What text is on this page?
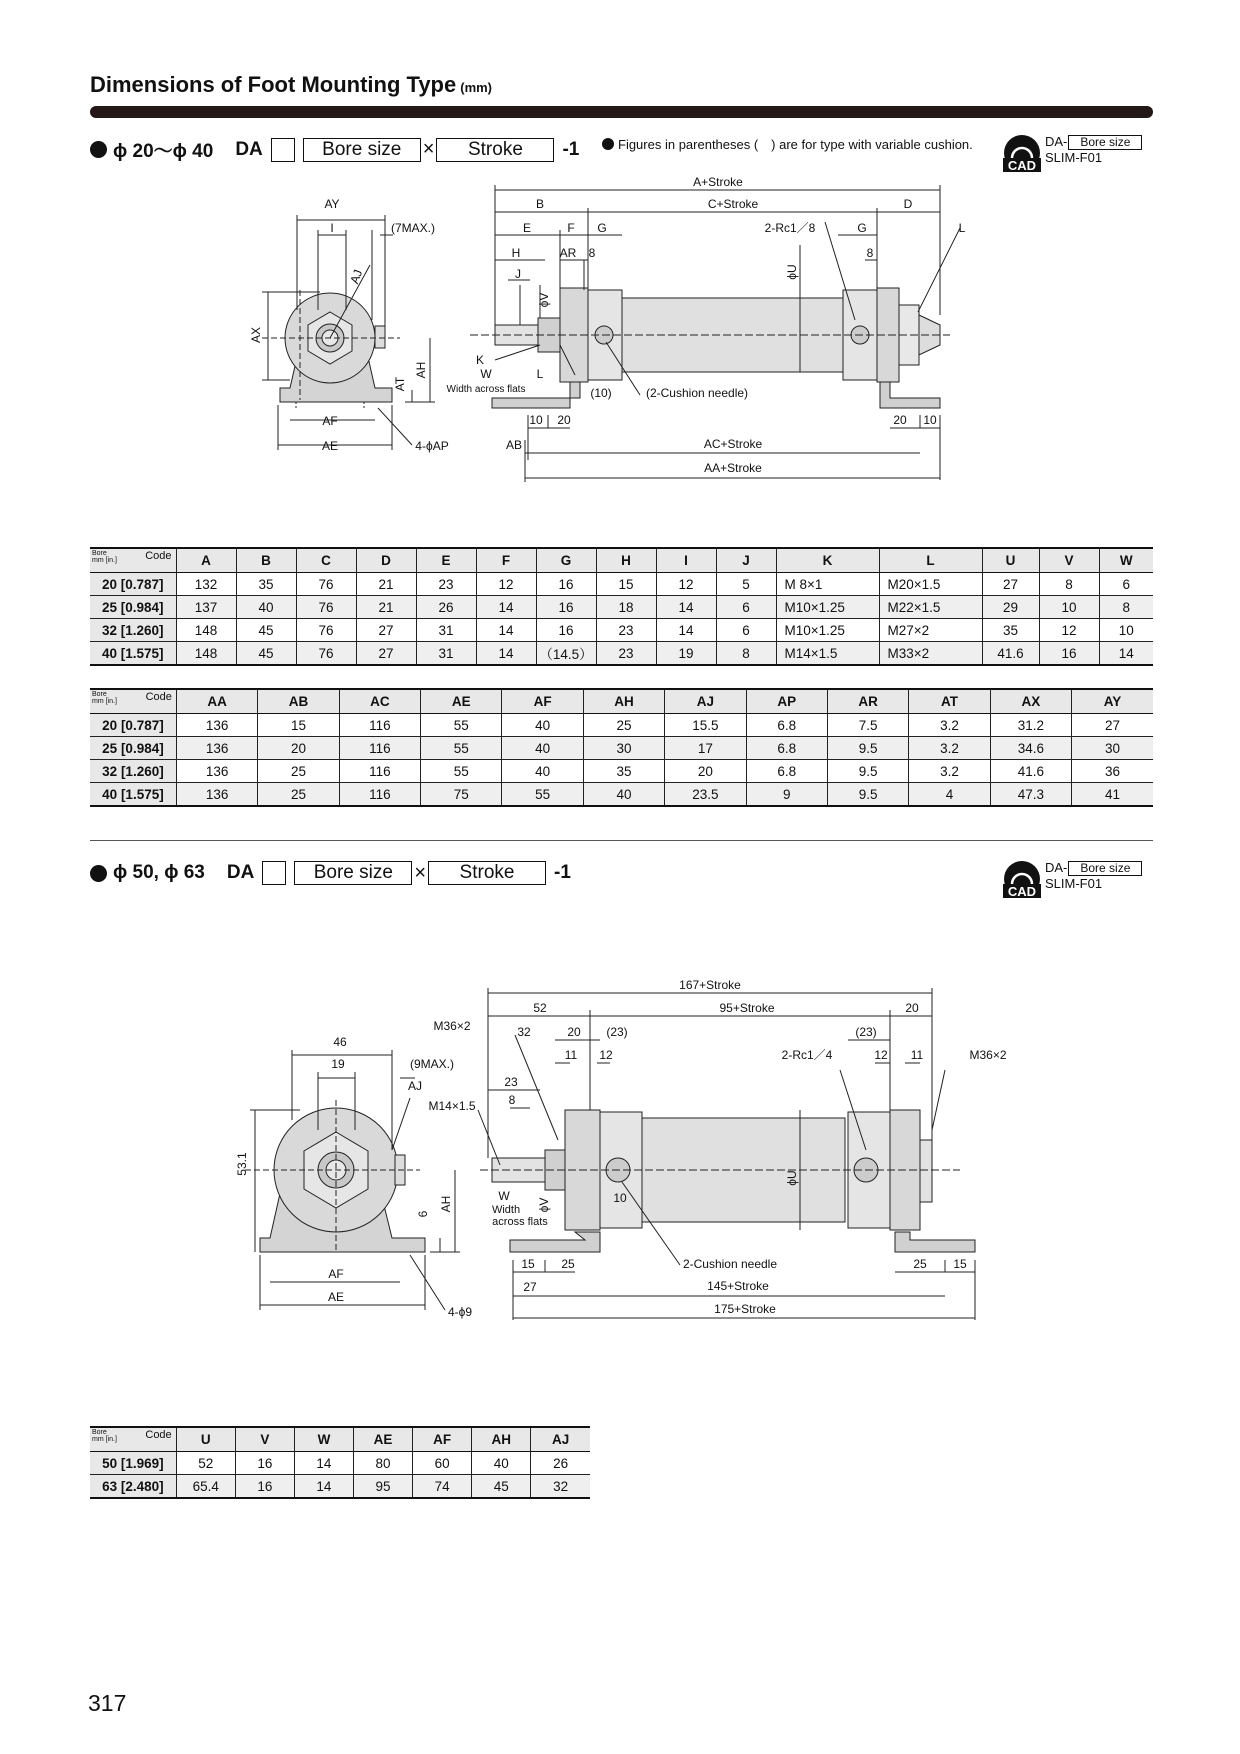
Dimensions of Foot Mounting Type (mm)
ϕ 20〜ϕ 40 DA	Bore size	×	Stroke	-1	Figures in parentheses (　) are for type with variable cushion.
CAD
DA- Bore size
SLIM-F01
AY
I	(7MAX.)
AJ
AX
AH
AT
AF
AE	4-ϕAP
A+Stroke
B	C+Stroke	D
E	F G	2-Rc1／8	G	L
H	AR 8	8
J
ϕV
ϕU
K
W
Width across flats
L
(10)	(2-Cushion needle)
10 20	20 10
AB	AC+Stroke
AA+Stroke
Bore
mm [in.] Code	A	B	C	D	E	F	G	H	I	J	K	L	U	V	W
20 [0.787]	132	35	76	21	23	12	16	15	12	5	M 8×1	M20×1.5	27	8	6
25 [0.984]	137	40	76	21	26	14	16	18	14	6	M10×1.25	M22×1.5	29	10	8
32 [1.260]	148	45	76	27	31	14	16	23	14	6	M10×1.25	M27×2	35	12	10
40 [1.575]	148	45	76	27	31	14	（14.5）	23	19	8	M14×1.5	M33×2	41.6	16	14
Bore
mm [in.] Code	AA	AB	AC	AE	AF	AH	AJ	AP	AR	AT	AX	AY
20 [0.787]	136	15	116	55	40	25	15.5	6.8	7.5	3.2	31.2	27
25 [0.984]	136	20	116	55	40	30	17	6.8	9.5	3.2	34.6	30
32 [1.260]	136	25	116	55	40	35	20	6.8	9.5	3.2	41.6	36
40 [1.575]	136	25	116	75	55	40	23.5	9	9.5	4	47.3	41
ϕ 50, ϕ 63 DA	Bore size	×	Stroke	-1
CAD
DA- Bore size
SLIM-F01
46
19	(9MAX.)
AJ
53.1
6
AH
AF
AE
4-ϕ9
167+Stroke
52	95+Stroke	20
M36×2	32	20 (23)	(23)
11 12	2-Rc1／4	12 11	M36×2
23
M14×1.5	8
W
Width
across flats
ϕV	10
ϕU
2-Cushion needle
15 25	25 15
27	145+Stroke
175+Stroke
Bore
mm [in.] Code	U	V	W	AE	AF	AH	AJ
50 [1.969]	52	16	14	80	60	40	26
63 [2.480]	65.4	16	14	95	74	45	32
317
